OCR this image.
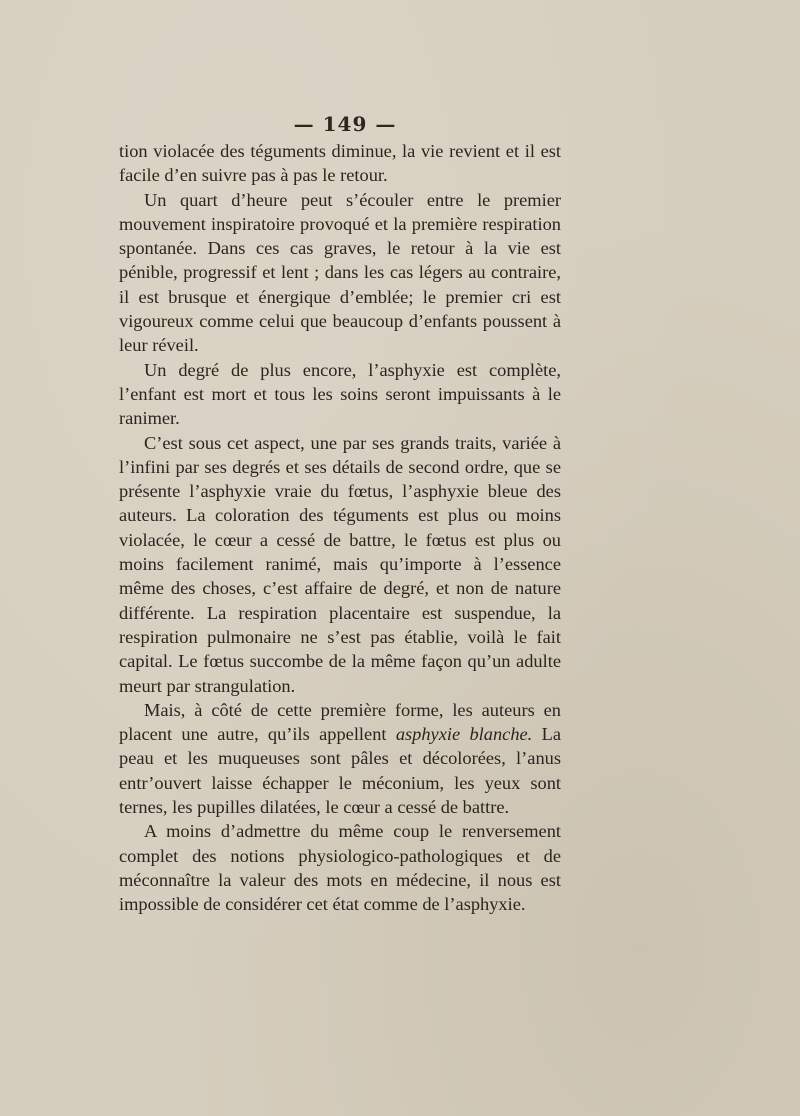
— 149 —

tion violacée des téguments diminue, la vie revient et il est facile d’en suivre pas à pas le retour.

Un quart d’heure peut s’écouler entre le premier mouvement inspiratoire provoqué et la première respiration spontanée. Dans ces cas graves, le retour à la vie est pénible, progressif et lent ; dans les cas légers au contraire, il est brusque et énergique d’emblée; le premier cri est vigoureux comme celui que beaucoup d’enfants poussent à leur réveil.

Un degré de plus encore, l’asphyxie est complète, l’enfant est mort et tous les soins seront impuissants à le ranimer.

C’est sous cet aspect, une par ses grands traits, variée à l’infini par ses degrés et ses détails de second ordre, que se présente l’asphyxie vraie du fœtus, l’asphyxie bleue des auteurs. La coloration des téguments est plus ou moins violacée, le cœur a cessé de battre, le fœtus est plus ou moins facilement ranimé, mais qu’importe à l’essence même des choses, c’est affaire de degré, et non de nature différente. La respiration placentaire est suspendue, la respiration pulmonaire ne s’est pas établie, voilà le fait capital. Le fœtus succombe de la même façon qu’un adulte meurt par strangulation.

Mais, à côté de cette première forme, les auteurs en placent une autre, qu’ils appellent asphyxie blanche. La peau et les muqueuses sont pâles et décolorées, l’anus entr’ouvert laisse échapper le méconium, les yeux sont ternes, les pupilles dilatées, le cœur a cessé de battre.

A moins d’admettre du même coup le renversement complet des notions physiologico-pathologiques et de méconnaître la valeur des mots en médecine, il nous est impossible de considérer cet état comme de l’asphyxie.
